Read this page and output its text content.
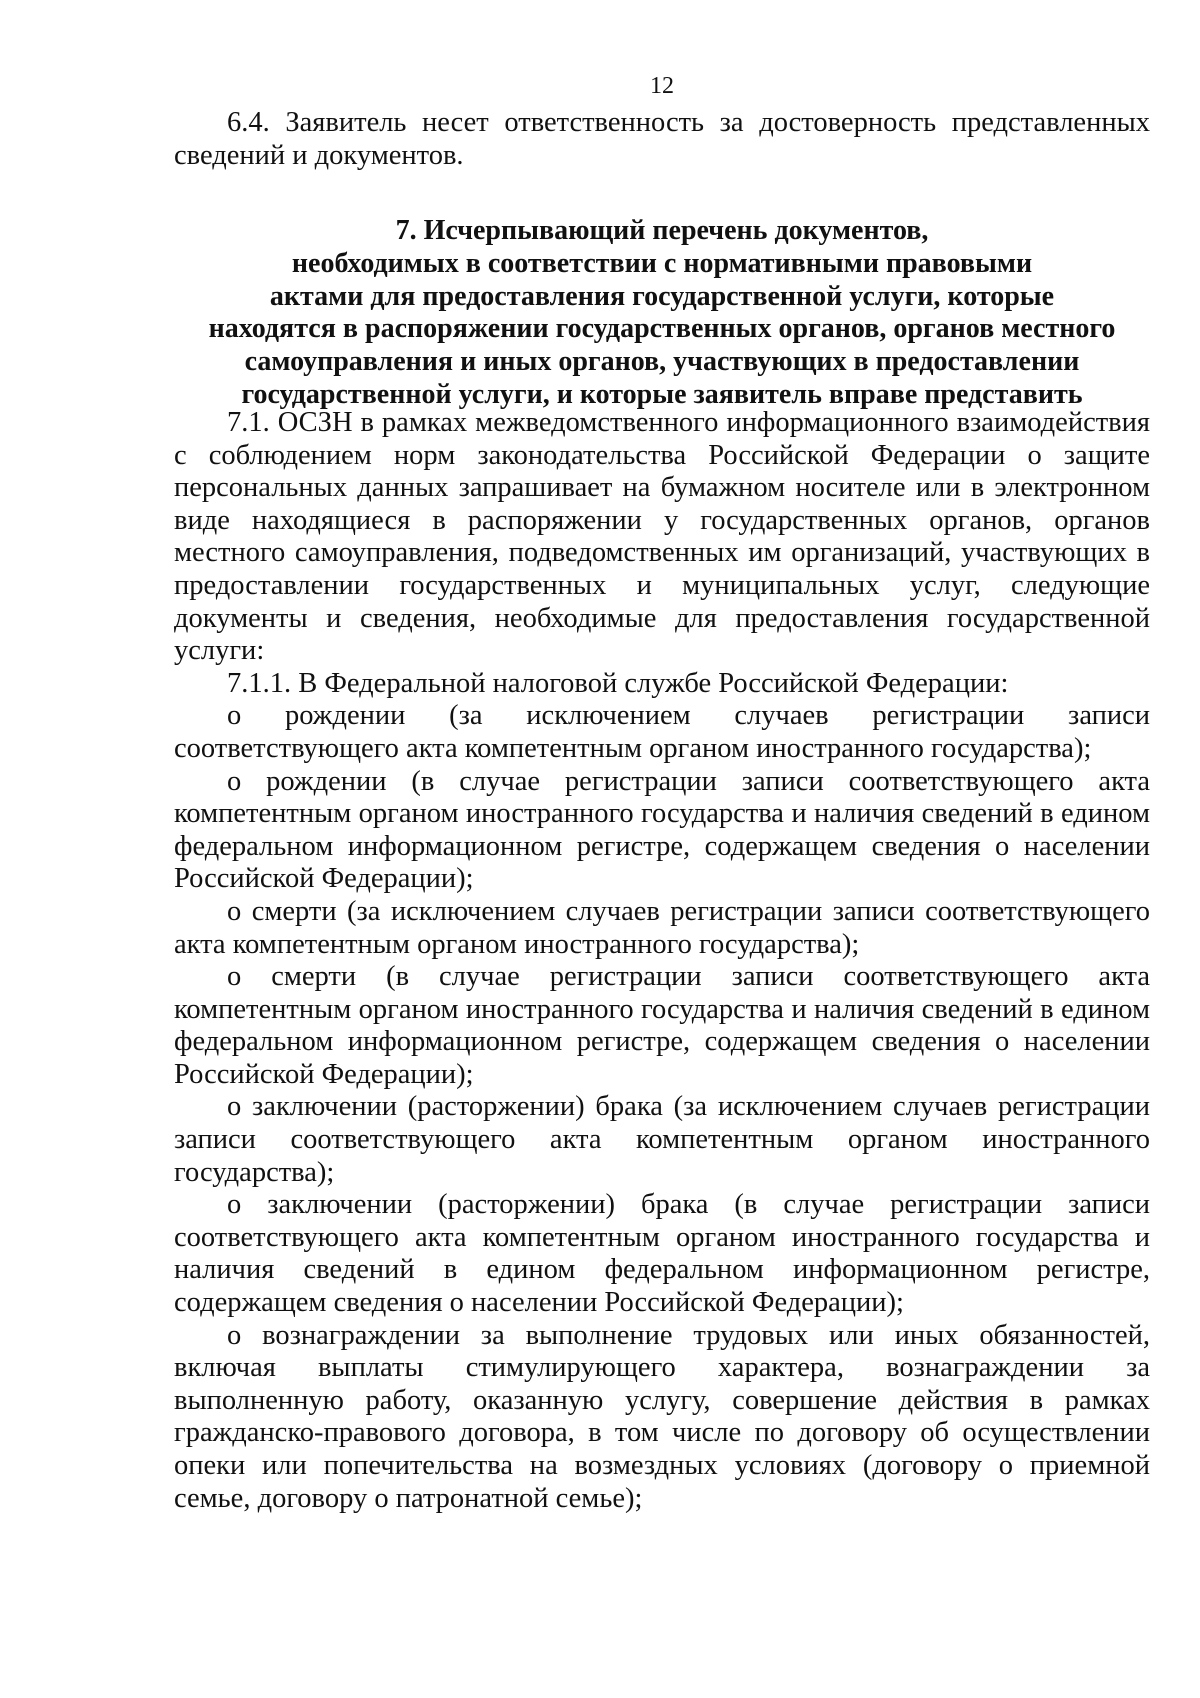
12

6.4. Заявитель несет ответственность за достоверность представленных сведений и документов.

7. Исчерпывающий перечень документов,
необходимых в соответствии с нормативными правовыми
актами для предоставления государственной услуги, которые
находятся в распоряжении государственных органов, органов местного
самоуправления и иных органов, участвующих в предоставлении
государственной услуги, и которые заявитель вправе представить

7.1. ОСЗН в рамках межведомственного информационного взаимодействия с соблюдением норм законодательства Российской Федерации о защите персональных данных запрашивает на бумажном носителе или в электронном виде находящиеся в распоряжении у государственных органов, органов местного самоуправления, подведомственных им организаций, участвующих в предоставлении государственных и муниципальных услуг, следующие документы и сведения, необходимые для предоставления государственной услуги:

7.1.1. В Федеральной налоговой службе Российской Федерации:

о рождении (за исключением случаев регистрации записи соответствующего акта компетентным органом иностранного государства);

о рождении (в случае регистрации записи соответствующего акта компетентным органом иностранного государства и наличия сведений в едином федеральном информационном регистре, содержащем сведения о населении Российской Федерации);

о смерти (за исключением случаев регистрации записи соответствующего акта компетентным органом иностранного государства);

о смерти (в случае регистрации записи соответствующего акта компетентным органом иностранного государства и наличия сведений в едином федеральном информационном регистре, содержащем сведения о населении Российской Федерации);

о заключении (расторжении) брака (за исключением случаев регистрации записи соответствующего акта компетентным органом иностранного государства);

о заключении (расторжении) брака (в случае регистрации записи соответствующего акта компетентным органом иностранного государства и наличия сведений в едином федеральном информационном регистре, содержащем сведения о населении Российской Федерации);

о вознаграждении за выполнение трудовых или иных обязанностей, включая выплаты стимулирующего характера, вознаграждении за выполненную работу, оказанную услугу, совершение действия в рамках гражданско-правового договора, в том числе по договору об осуществлении опеки или попечительства на возмездных условиях (договору о приемной семье, договору о патронатной семье);
